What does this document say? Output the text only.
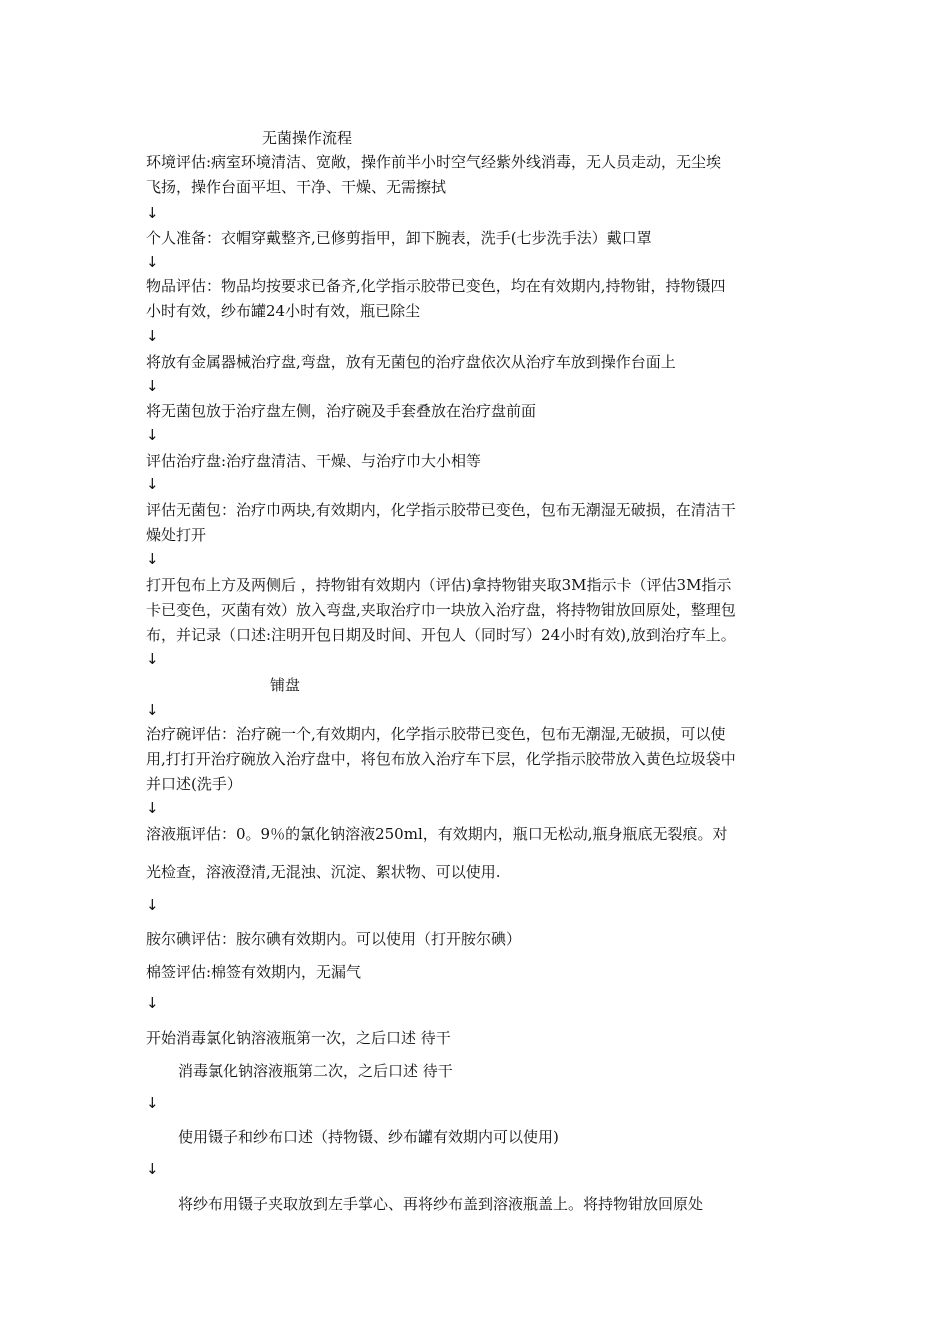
无菌操作流程
环境评估:病室环境清洁、宽敞，操作前半小时空气经紫外线消毒，无人员走动，无尘埃
飞扬，操作台面平坦、干净、干燥、无需擦拭
↓
个人准备：衣帽穿戴整齐,已修剪指甲，卸下腕表，洗手(七步洗手法）戴口罩
↓
物品评估：物品均按要求已备齐,化学指示胶带已变色，均在有效期内,持物钳，持物镊四
小时有效，纱布罐24小时有效，瓶已除尘
↓
将放有金属器械治疗盘,弯盘，放有无菌包的治疗盘依次从治疗车放到操作台面上
↓
将无菌包放于治疗盘左侧，治疗碗及手套叠放在治疗盘前面
↓
评估治疗盘:治疗盘清洁、干燥、与治疗巾大小相等
↓
评估无菌包：治疗巾两块,有效期内，化学指示胶带已变色，包布无潮湿无破损，在清洁干
燥处打开
↓
打开包布上方及两侧后 ，持物钳有效期内（评估)拿持物钳夹取3M指示卡（评估3M指示
卡已变色，灭菌有效）放入弯盘,夹取治疗巾一块放入治疗盘，将持物钳放回原处，整理包
布，并记录（口述:注明开包日期及时间、开包人（同时写）24小时有效),放到治疗车上。
↓
铺盘
↓
治疗碗评估：治疗碗一个,有效期内，化学指示胶带已变色，包布无潮湿,无破损，可以使
用,打打开治疗碗放入治疗盘中，将包布放入治疗车下层，化学指示胶带放入黄色垃圾袋中
并口述(洗手）
↓
溶液瓶评估：0。9％的氯化钠溶液250ml，有效期内，瓶口无松动,瓶身瓶底无裂痕。对
光检查，溶液澄清,无混浊、沉淀、絮状物、可以使用.
↓
胺尔碘评估：胺尔碘有效期内。可以使用（打开胺尔碘）
棉签评估:棉签有效期内，无漏气
↓
开始消毒氯化钠溶液瓶第一次，之后口述 待干
消毒氯化钠溶液瓶第二次，之后口述 待干
↓
使用镊子和纱布口述（持物镊、纱布罐有效期内可以使用)
↓
将纱布用镊子夹取放到左手掌心、再将纱布盖到溶液瓶盖上。将持物钳放回原处
